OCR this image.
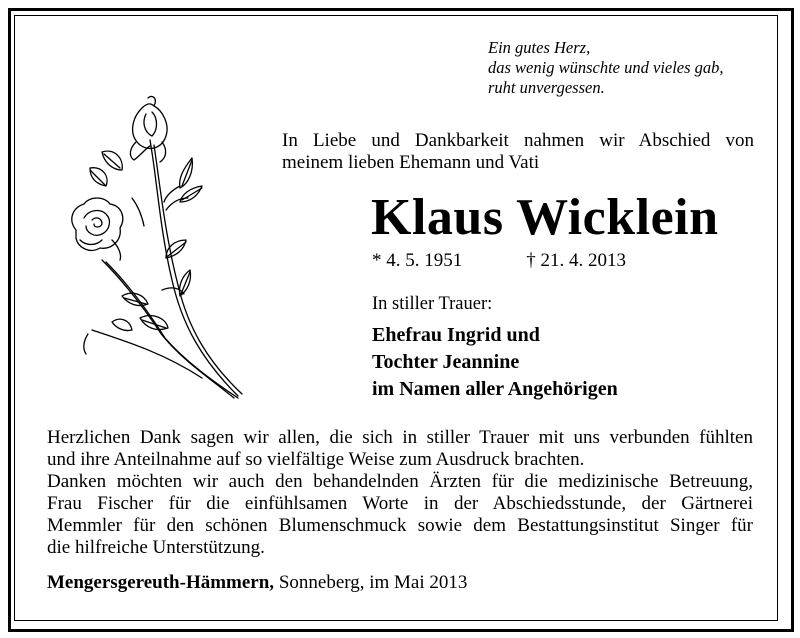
Ein gutes Herz,
das wenig wünschte und vieles gab,
ruht unvergessen.
In Liebe und Dankbarkeit nahmen wir Abschied von
meinem lieben Ehemann und Vati
Klaus Wicklein
* 4. 5. 1951	† 21. 4. 2013
In stiller Trauer:
Ehefrau Ingrid und
Tochter Jeannine
im Namen aller Angehörigen

Herzlichen Dank sagen wir allen, die sich in stiller Trauer mit uns verbunden fühlten
und ihre Anteilnahme auf so vielfältige Weise zum Ausdruck brachten.

Danken möchten wir auch den behandelnden Ärzten für die medizinische Betreuung,
Frau Fischer für die einfühlsamen Worte in der Abschiedsstunde, der Gärtnerei
Memmler für den schönen Blumenschmuck sowie dem Bestattungsinstitut Singer für
die hilfreiche Unterstützung.

Mengersgereuth-Hämmern, Sonneberg, im Mai 2013
